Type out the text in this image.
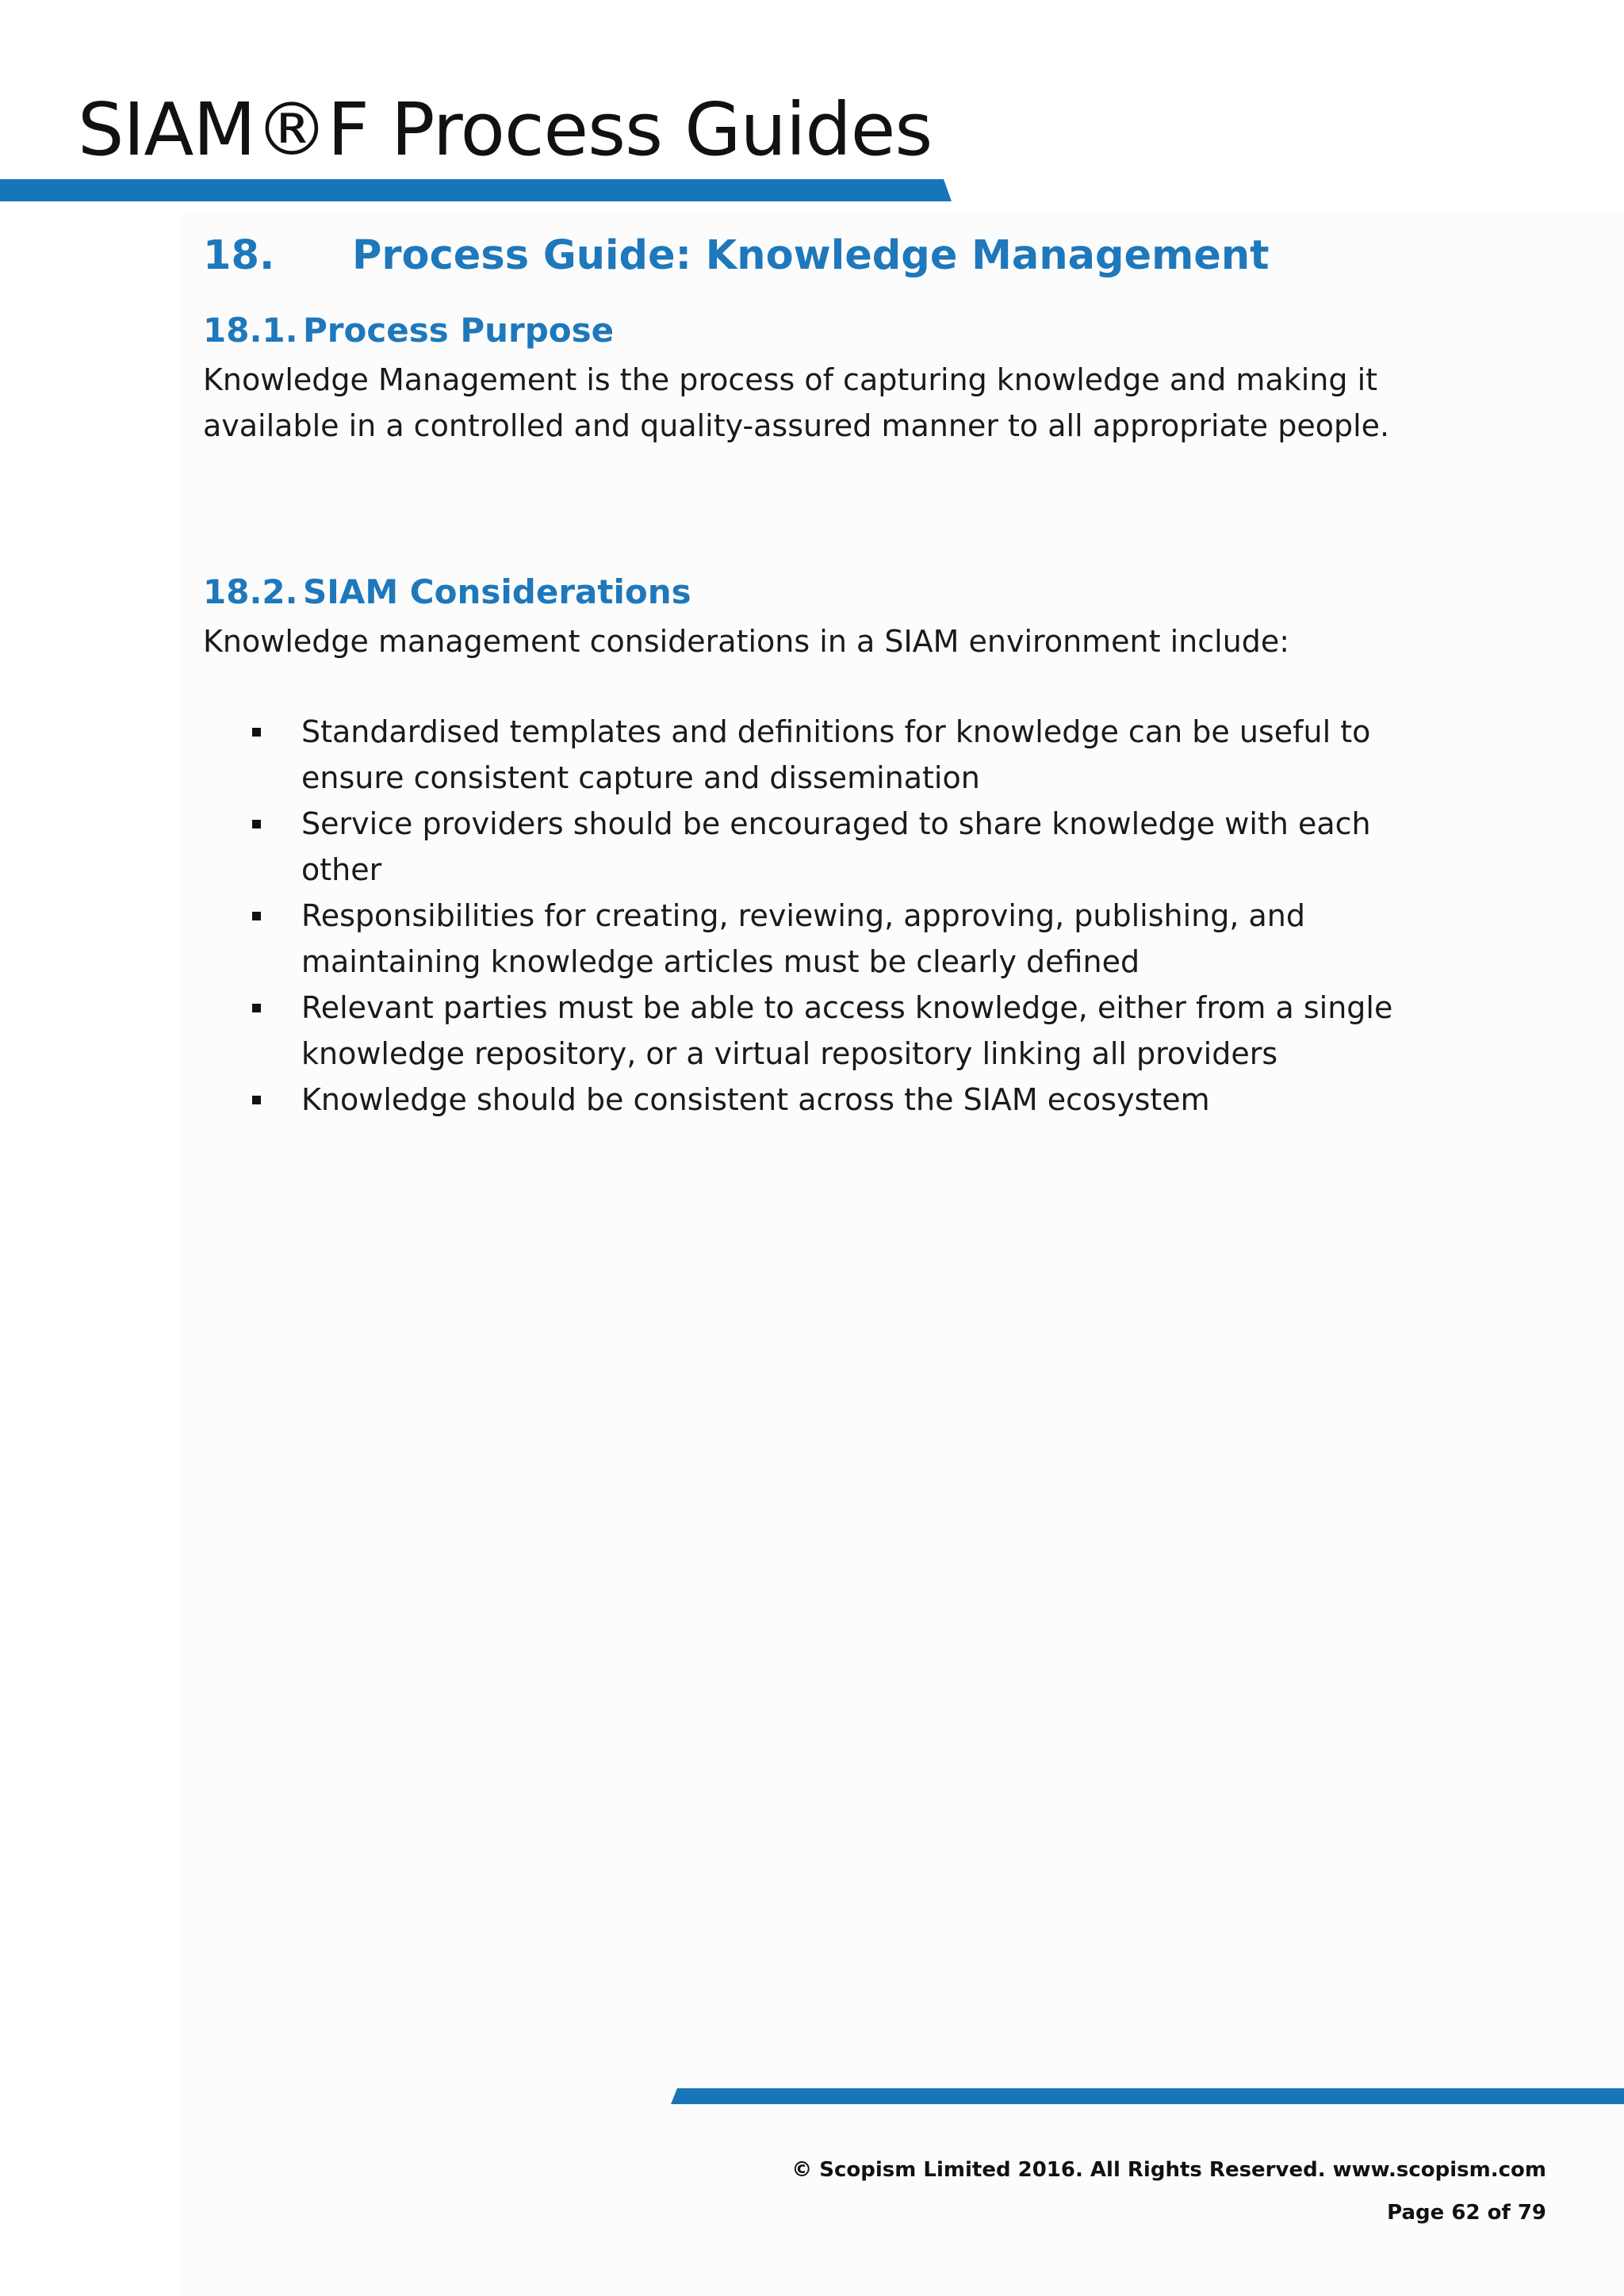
SIAM®F Process Guides
18. Process Guide: Knowledge Management
18.1. Process Purpose
Knowledge Management is the process of capturing knowledge and making it available in a controlled and quality-assured manner to all appropriate people.
18.2. SIAM Considerations
Knowledge management considerations in a SIAM environment include:
Standardised templates and definitions for knowledge can be useful to ensure consistent capture and dissemination
Service providers should be encouraged to share knowledge with each other
Responsibilities for creating, reviewing, approving, publishing, and maintaining knowledge articles must be clearly defined
Relevant parties must be able to access knowledge, either from a single knowledge repository, or a virtual repository linking all providers
Knowledge should be consistent across the SIAM ecosystem
© Scopism Limited 2016. All Rights Reserved. www.scopism.com
Page 62 of 79
